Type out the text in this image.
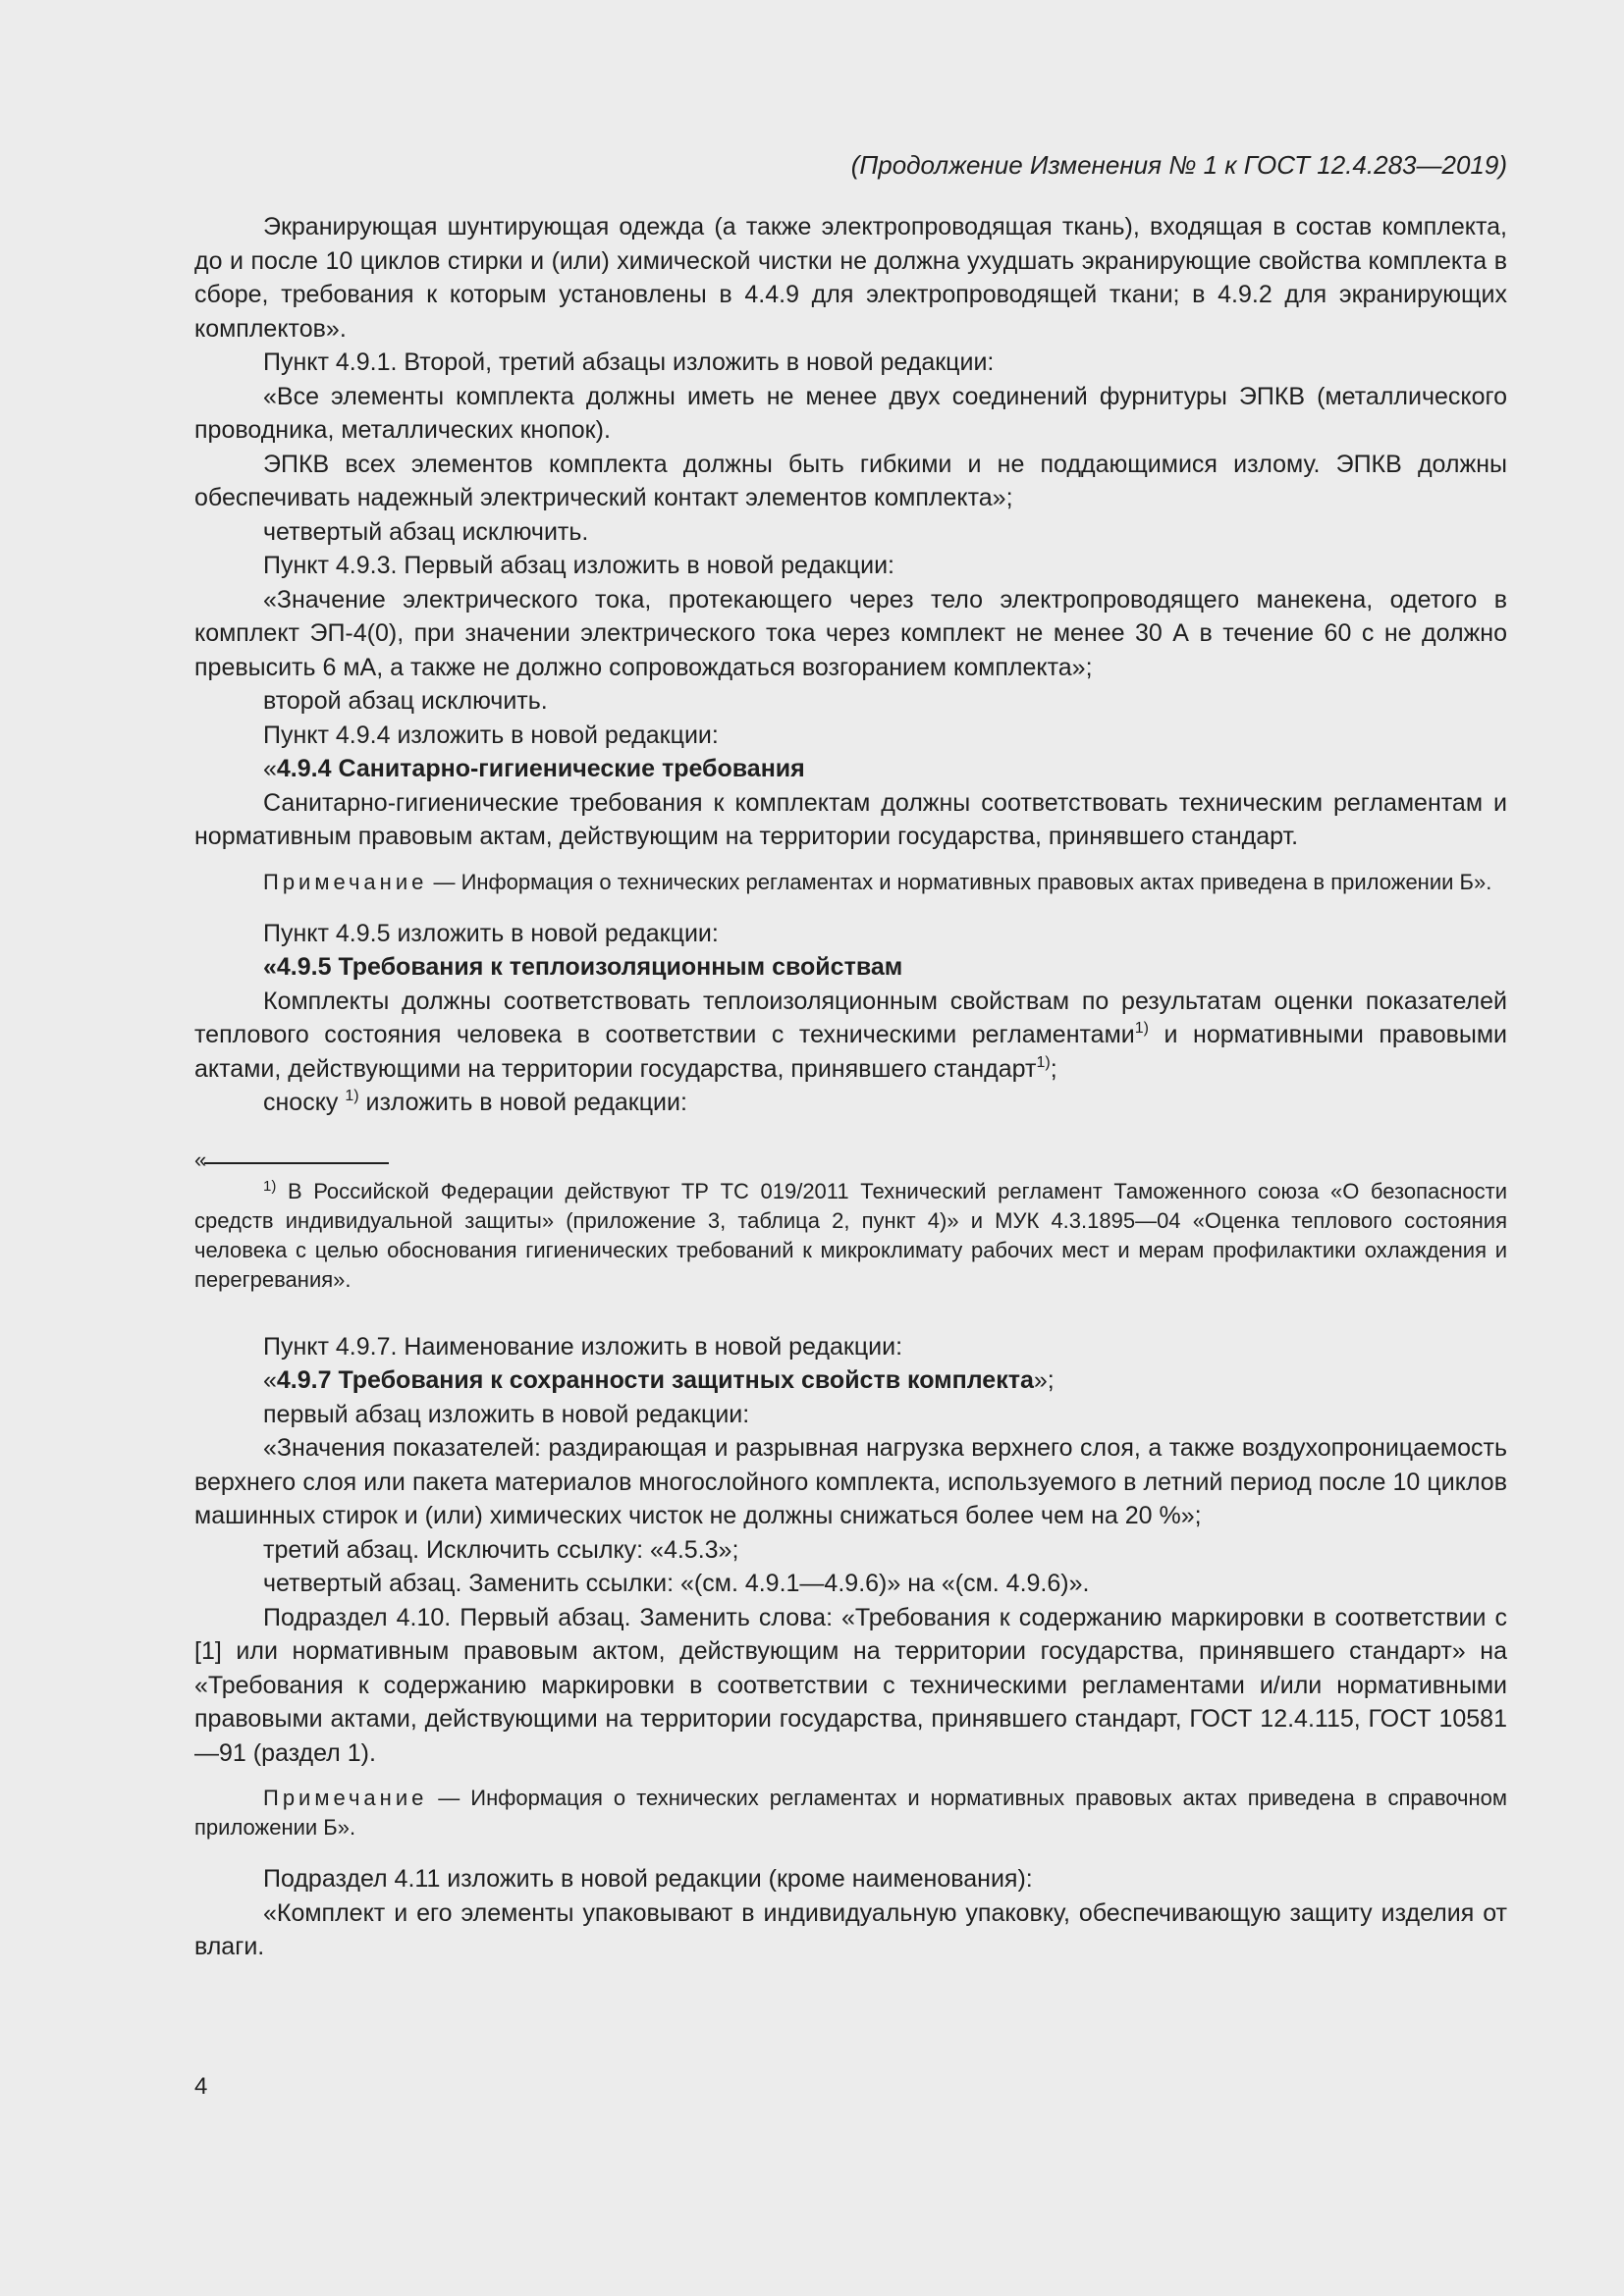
(Продолжение Изменения № 1 к ГОСТ 12.4.283—2019)

Экранирующая шунтирующая одежда (а также электропроводящая ткань), входящая в состав комплекта, до и после 10 циклов стирки и (или) химической чистки не должна ухудшать экранирующие свойства комплекта в сборе, требования к которым установлены в 4.4.9 для электропроводящей ткани; в 4.9.2 для экранирующих комплектов».

Пункт 4.9.1. Второй, третий абзацы изложить в новой редакции:

«Все элементы комплекта должны иметь не менее двух соединений фурнитуры ЭПКВ (металлического проводника, металлических кнопок).

ЭПКВ всех элементов комплекта должны быть гибкими и не поддающимися излому. ЭПКВ должны обеспечивать надежный электрический контакт элементов комплекта»;

четвертый абзац исключить.

Пункт 4.9.3. Первый абзац изложить в новой редакции:

«Значение электрического тока, протекающего через тело электропроводящего манекена, одетого в комплект ЭП-4(0), при значении электрического тока через комплект не менее 30 А в течение 60 с не должно превысить 6 мА, а также не должно сопровождаться возгоранием комплекта»;

второй абзац исключить.

Пункт 4.9.4 изложить в новой редакции:

«4.9.4 Санитарно-гигиенические требования

Санитарно-гигиенические требования к комплектам должны соответствовать техническим регламентам и нормативным правовым актам, действующим на территории государства, принявшего стандарт.

Примечание — Информация о технических регламентах и нормативных правовых актах приведена в приложении Б».

Пункт 4.9.5 изложить в новой редакции:

«4.9.5 Требования к теплоизоляционным свойствам

Комплекты должны соответствовать теплоизоляционным свойствам по результатам оценки показателей теплового состояния человека в соответствии с техническими регламентами$^{1)}$ и нормативными правовыми актами, действующими на территории государства, принявшего стандарт$^{1)}$;

сноску $^{1)}$ изложить в новой редакции:

«

$^{1)}$ В Российской Федерации действуют ТР ТС 019/2011 Технический регламент Таможенного союза «О безопасности средств индивидуальной защиты» (приложение 3, таблица 2, пункт 4)» и МУК 4.3.1895—04 «Оценка теплового состояния человека с целью обоснования гигиенических требований к микроклимату рабочих мест и мерам профилактики охлаждения и перегревания».

Пункт 4.9.7. Наименование изложить в новой редакции:

«4.9.7 Требования к сохранности защитных свойств комплекта»;

первый абзац изложить в новой редакции:

«Значения показателей: раздирающая и разрывная нагрузка верхнего слоя, а также воздухопроницаемость верхнего слоя или пакета материалов многослойного комплекта, используемого в летний период после 10 циклов машинных стирок и (или) химических чисток не должны снижаться более чем на 20 %»;

третий абзац. Исключить ссылку: «4.5.3»;

четвертый абзац. Заменить ссылки: «(см. 4.9.1—4.9.6)» на «(см. 4.9.6)».

Подраздел 4.10. Первый абзац. Заменить слова: «Требования к содержанию маркировки в соответствии с [1] или нормативным правовым актом, действующим на территории государства, принявшего стандарт» на «Требования к содержанию маркировки в соответствии с техническими регламентами и/или нормативными правовыми актами, действующими на территории государства, принявшего стандарт, ГОСТ 12.4.115, ГОСТ 10581—91 (раздел 1).

Примечание — Информация о технических регламентах и нормативных правовых актах приведена в справочном приложении Б».

Подраздел 4.11 изложить в новой редакции (кроме наименования):

«Комплект и его элементы упаковывают в индивидуальную упаковку, обеспечивающую защиту изделия от влаги.

4
